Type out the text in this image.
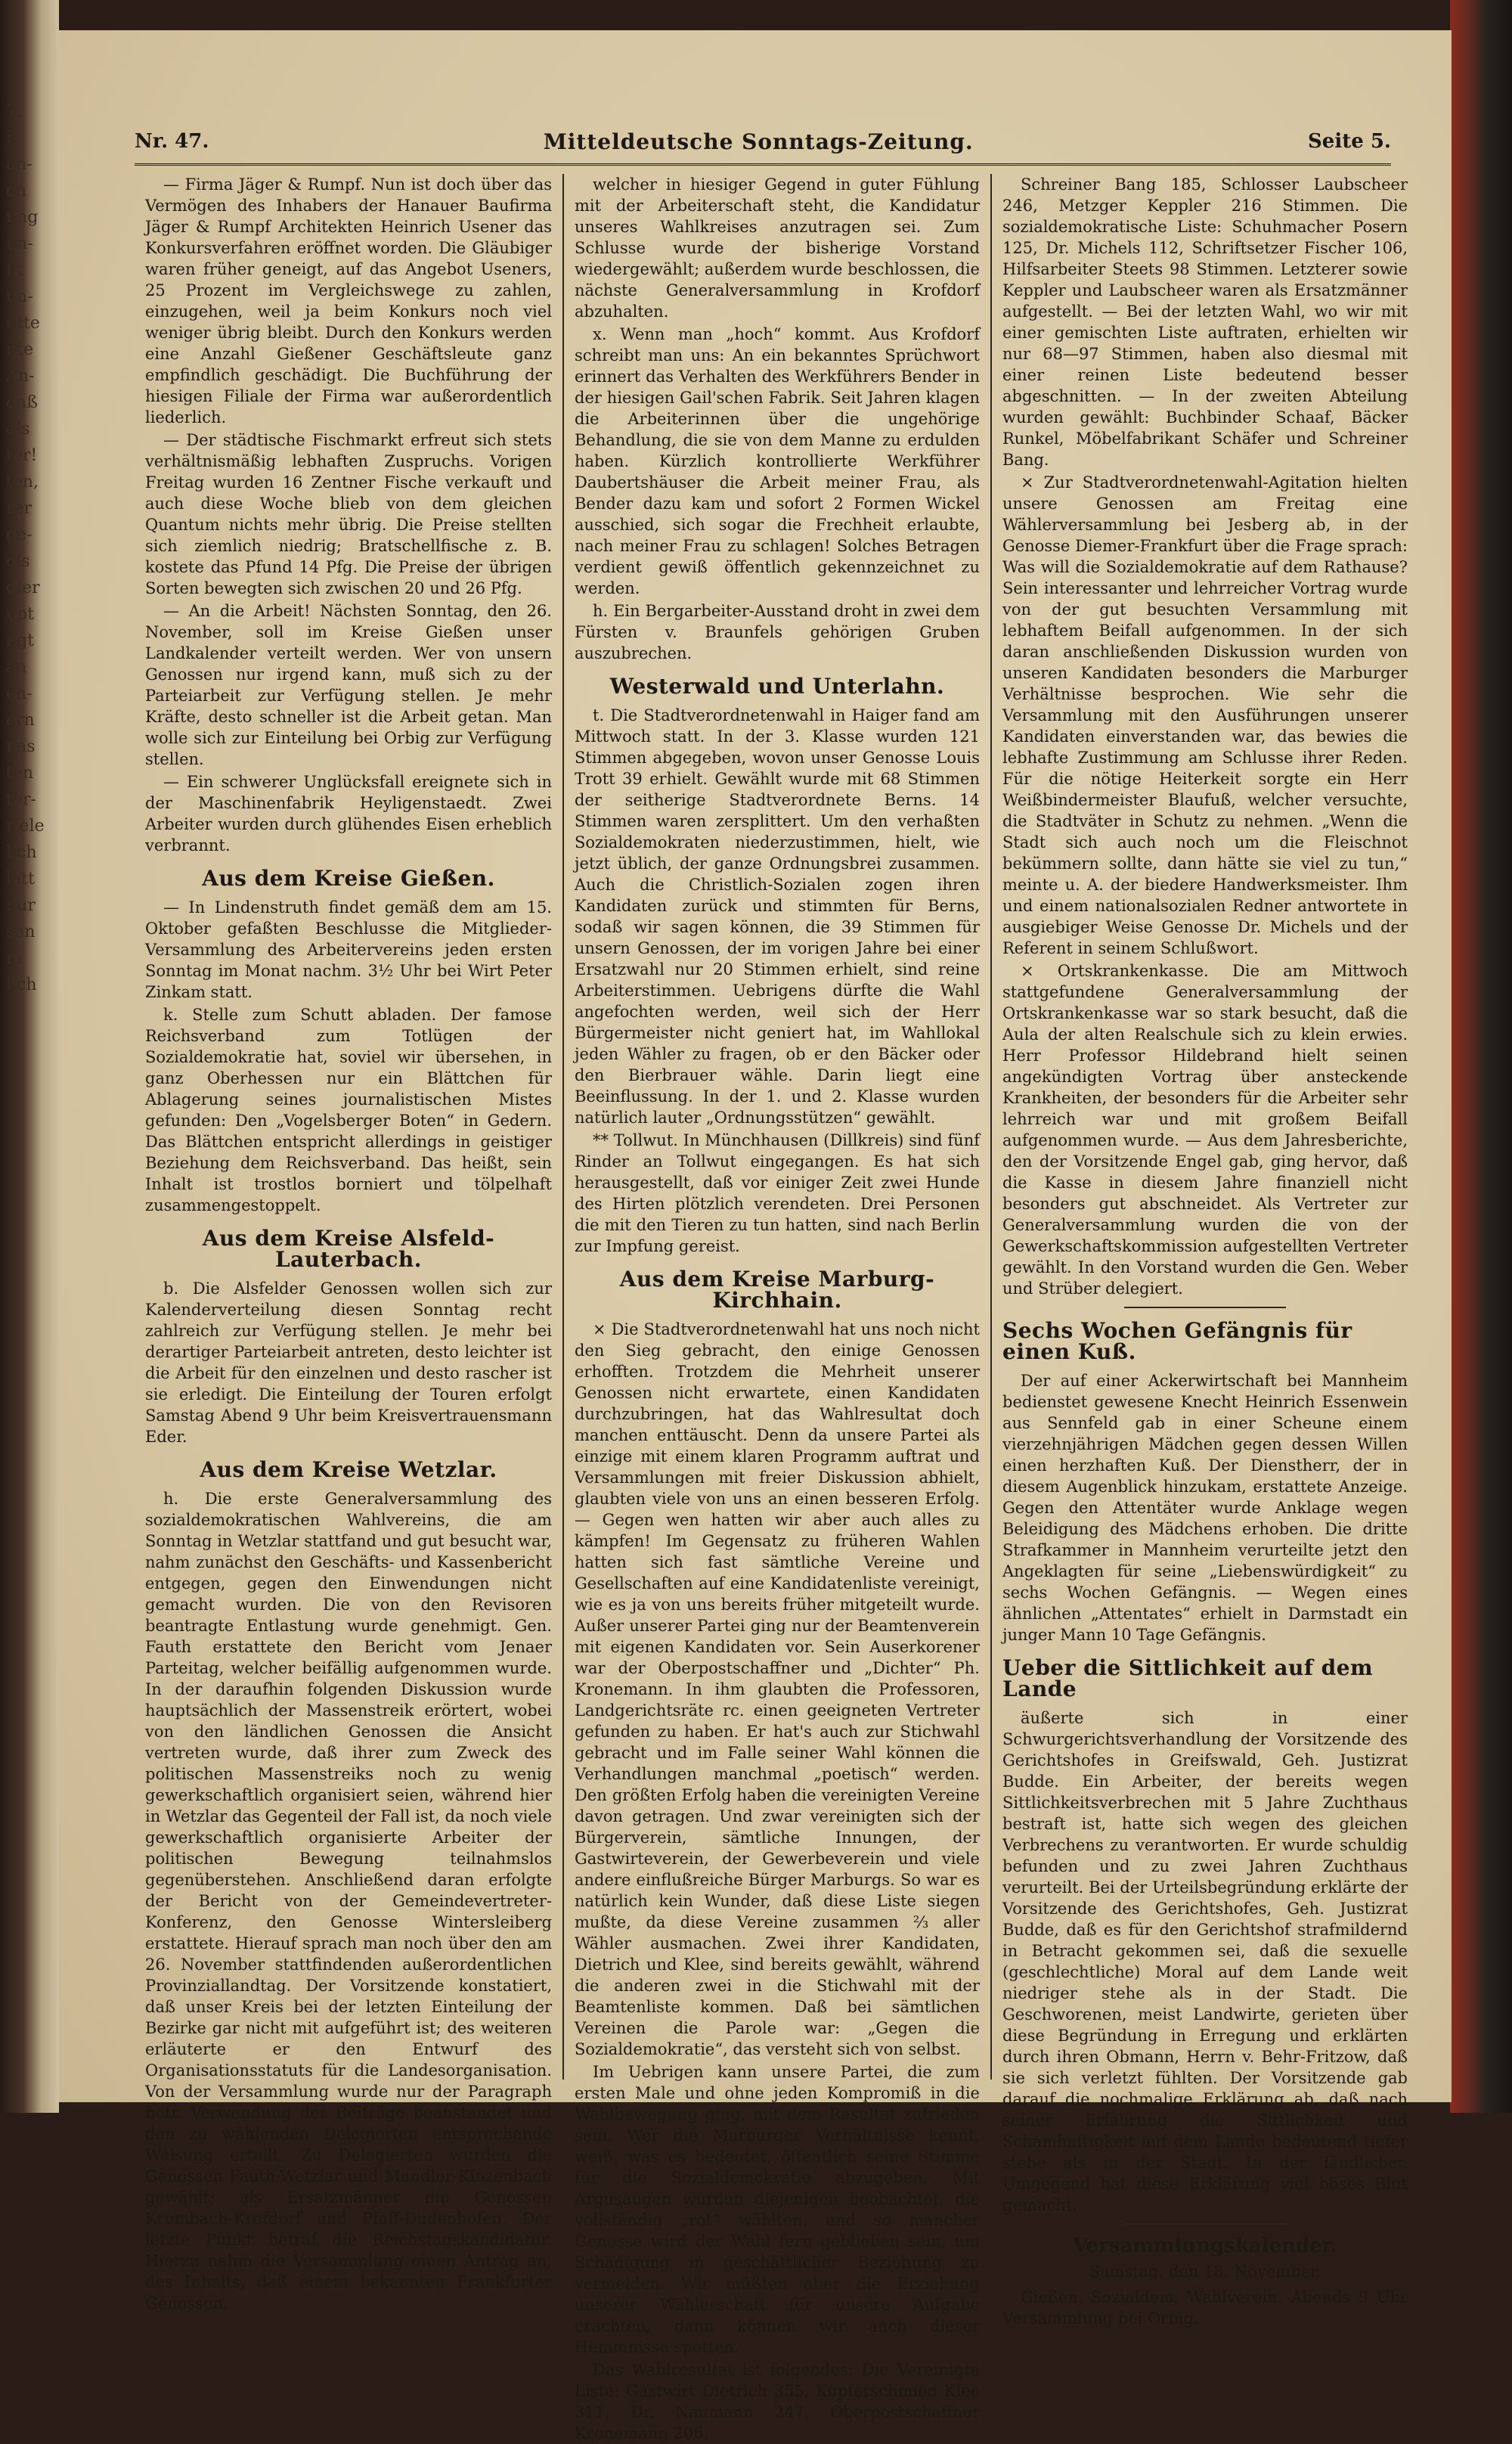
7.
it
an-
da
ung
un-
fit
un-
utte
nte
An-
daß
als
ter!
ten,
rer
ge-
ols
dler
upt
ngt
an
eh-
ern
nas
ten
ter-
riele
lich
latt
nur
sen
m
lich
Nr. 47.	Mitteldeutsche Sonntags-Zeitung.	Seite 5.

— Firma Jäger & Rumpf. Nun ist doch über das Vermögen des Inhabers der Hanauer Baufirma Jäger & Rumpf Architekten Heinrich Usener das Konkursverfahren eröffnet worden. Die Gläubiger waren früher geneigt, auf das Angebot Useners, 25 Prozent im Vergleichswege zu zahlen, einzugehen, weil ja beim Konkurs noch viel weniger übrig bleibt. Durch den Konkurs werden eine Anzahl Gießener Geschäftsleute ganz empfindlich geschädigt. Die Buchführung der hiesigen Filiale der Firma war außerordentlich liederlich.

— Der städtische Fischmarkt erfreut sich stets verhältnismäßig lebhaften Zuspruchs. Vorigen Freitag wurden 16 Zentner Fische verkauft und auch diese Woche blieb von dem gleichen Quantum nichts mehr übrig. Die Preise stellten sich ziemlich niedrig; Bratschellfische z. B. kostete das Pfund 14 Pfg. Die Preise der übrigen Sorten bewegten sich zwischen 20 und 26 Pfg.

— An die Arbeit! Nächsten Sonntag, den 26. November, soll im Kreise Gießen unser Landkalender verteilt werden. Wer von unsern Genossen nur irgend kann, muß sich zu der Parteiarbeit zur Verfügung stellen. Je mehr Kräfte, desto schneller ist die Arbeit getan. Man wolle sich zur Einteilung bei Orbig zur Verfügung stellen.

— Ein schwerer Unglücksfall ereignete sich in der Maschinenfabrik Heyligenstaedt. Zwei Arbeiter wurden durch glühendes Eisen erheblich verbrannt.

Aus dem Kreise Gießen.

— In Lindenstruth findet gemäß dem am 15. Oktober gefaßten Beschlusse die Mitglieder-Versammlung des Arbeitervereins jeden ersten Sonntag im Monat nachm. 3½ Uhr bei Wirt Peter Zinkam statt.

k. Stelle zum Schutt abladen. Der famose Reichsverband zum Totlügen der Sozialdemokratie hat, soviel wir übersehen, in ganz Oberhessen nur ein Blättchen für Ablagerung seines journalistischen Mistes gefunden: Den „Vogelsberger Boten“ in Gedern. Das Blättchen entspricht allerdings in geistiger Beziehung dem Reichsverband. Das heißt, sein Inhalt ist trostlos borniert und tölpelhaft zusammengestoppelt.

Aus dem Kreise Alsfeld-Lauterbach.

b. Die Alsfelder Genossen wollen sich zur Kalenderverteilung diesen Sonntag recht zahlreich zur Verfügung stellen. Je mehr bei derartiger Parteiarbeit antreten, desto leichter ist die Arbeit für den einzelnen und desto rascher ist sie erledigt. Die Einteilung der Touren erfolgt Samstag Abend 9 Uhr beim Kreisvertrauensmann Eder.

Aus dem Kreise Wetzlar.

h. Die erste Generalversammlung des sozialdemokratischen Wahlvereins, die am Sonntag in Wetzlar stattfand und gut besucht war, nahm zunächst den Geschäfts- und Kassenbericht entgegen, gegen den Einwendungen nicht gemacht wurden. Die von den Revisoren beantragte Entlastung wurde genehmigt. Gen. Fauth erstattete den Bericht vom Jenaer Parteitag, welcher beifällig aufgenommen wurde. In der daraufhin folgenden Diskussion wurde hauptsächlich der Massenstreik erörtert, wobei von den ländlichen Genossen die Ansicht vertreten wurde, daß ihrer zum Zweck des politischen Massenstreiks noch zu wenig gewerkschaftlich organisiert seien, während hier in Wetzlar das Gegenteil der Fall ist, da noch viele gewerkschaftlich organisierte Arbeiter der politischen Bewegung teilnahmslos gegenüberstehen. Anschließend daran erfolgte der Bericht von der Gemeindevertreter-Konferenz, den Genosse Wintersleiberg erstattete. Hierauf sprach man noch über den am 26. November stattfindenden außerordentlichen Provinziallandtag. Der Vorsitzende konstatiert, daß unser Kreis bei der letzten Einteilung der Bezirke gar nicht mit aufgeführt ist; des weiteren erläuterte er den Entwurf des Organisationsstatuts für die Landesorganisation. Von der Versammlung wurde nur der Paragraph betr. Verwendung der Beiträge beanstandet und den zu wählenden Delegierten entsprechende Weisung erteilt. Zu Delegierten wurden die Genossen Fauth-Wetzlar und Mandler-Kinzenbach gewählt; als Ersatzmänner die Genossen Krombach-Krofdorf und Pfaff-Dudenhofen. Der letzte Punkt betraf die Reichstagskandidatur. Hierzu nahm die Versammlung einen Antrag an, des Inhalts, daß einem bekannten Frankfurter Genossen,

welcher in hiesiger Gegend in guter Fühlung mit der Arbeiterschaft steht, die Kandidatur unseres Wahlkreises anzutragen sei. Zum Schlusse wurde der bisherige Vorstand wiedergewählt; außerdem wurde beschlossen, die nächste Generalversammlung in Krofdorf abzuhalten.

x. Wenn man „hoch“ kommt. Aus Krofdorf schreibt man uns: An ein bekanntes Sprüchwort erinnert das Verhalten des Werkführers Bender in der hiesigen Gail'schen Fabrik. Seit Jahren klagen die Arbeiterinnen über die ungehörige Behandlung, die sie von dem Manne zu erdulden haben. Kürzlich kontrollierte Werkführer Daubertshäuser die Arbeit meiner Frau, als Bender dazu kam und sofort 2 Formen Wickel ausschied, sich sogar die Frechheit erlaubte, nach meiner Frau zu schlagen! Solches Betragen verdient gewiß öffentlich gekennzeichnet zu werden.

h. Ein Bergarbeiter-Ausstand droht in zwei dem Fürsten v. Braunfels gehörigen Gruben auszubrechen.

Westerwald und Unterlahn.

t. Die Stadtverordnetenwahl in Haiger fand am Mittwoch statt. In der 3. Klasse wurden 121 Stimmen abgegeben, wovon unser Genosse Louis Trott 39 erhielt. Gewählt wurde mit 68 Stimmen der seitherige Stadtverordnete Berns. 14 Stimmen waren zersplittert. Um den verhaßten Sozialdemokraten niederzustimmen, hielt, wie jetzt üblich, der ganze Ordnungsbrei zusammen. Auch die Christlich-Sozialen zogen ihren Kandidaten zurück und stimmten für Berns, sodaß wir sagen können, die 39 Stimmen für unsern Genossen, der im vorigen Jahre bei einer Ersatzwahl nur 20 Stimmen erhielt, sind reine Arbeiterstimmen. Uebrigens dürfte die Wahl angefochten werden, weil sich der Herr Bürgermeister nicht geniert hat, im Wahllokal jeden Wähler zu fragen, ob er den Bäcker oder den Bierbrauer wähle. Darin liegt eine Beeinflussung. In der 1. und 2. Klasse wurden natürlich lauter „Ordnungsstützen“ gewählt.

** Tollwut. In Münchhausen (Dillkreis) sind fünf Rinder an Tollwut eingegangen. Es hat sich herausgestellt, daß vor einiger Zeit zwei Hunde des Hirten plötzlich verendeten. Drei Personen die mit den Tieren zu tun hatten, sind nach Berlin zur Impfung gereist.

Aus dem Kreise Marburg-Kirchhain.

× Die Stadtverordnetenwahl hat uns noch nicht den Sieg gebracht, den einige Genossen erhofften. Trotzdem die Mehrheit unserer Genossen nicht erwartete, einen Kandidaten durchzubringen, hat das Wahlresultat doch manchen enttäuscht. Denn da unsere Partei als einzige mit einem klaren Programm auftrat und Versammlungen mit freier Diskussion abhielt, glaubten viele von uns an einen besseren Erfolg. — Gegen wen hatten wir aber auch alles zu kämpfen! Im Gegensatz zu früheren Wahlen hatten sich fast sämtliche Vereine und Gesellschaften auf eine Kandidatenliste vereinigt, wie es ja von uns bereits früher mitgeteilt wurde. Außer unserer Partei ging nur der Beamtenverein mit eigenen Kandidaten vor. Sein Auserkorener war der Oberpostschaffner und „Dichter“ Ph. Kronemann. In ihm glaubten die Professoren, Landgerichtsräte rc. einen geeigneten Vertreter gefunden zu haben. Er hat's auch zur Stichwahl gebracht und im Falle seiner Wahl können die Verhandlungen manchmal „poetisch“ werden. Den größten Erfolg haben die vereinigten Vereine davon getragen. Und zwar vereinigten sich der Bürgerverein, sämtliche Innungen, der Gastwirteverein, der Gewerbeverein und viele andere einflußreiche Bürger Marburgs. So war es natürlich kein Wunder, daß diese Liste siegen mußte, da diese Vereine zusammen ⅔ aller Wähler ausmachen. Zwei ihrer Kandidaten, Dietrich und Klee, sind bereits gewählt, während die anderen zwei in die Stichwahl mit der Beamtenliste kommen. Daß bei sämtlichen Vereinen die Parole war: „Gegen die Sozialdemokratie“, das versteht sich von selbst.

Im Uebrigen kann unsere Partei, die zum ersten Male und ohne jeden Kompromiß in die Wahlbewegung ging, mit dem Resultat zufrieden sein. Wer die Marburger Verhältnisse kennt, weiß, was es bedeutet, öffentlich seine Stimme für die Sozialdemokratie abzugeben. Mit Argusaugen wurden diejenigen beobachtet, die vollständig „rot“ wählten, und so mancher Genosse wird der Wahl fern geblieben sein, um Schädigung in geschäftlicher Beziehung zu vermeiden. Wir müßten aber die Erziehung unserer Wählerschaft für unsere Aufgabe erachten, dann können wir auch dieser Hemmnisse spotten.

Das Wahlresultat ist folgendes: Die Vereinigte Liste: Gastwirt Dietrich 355, Kupferschmied Klee 311, Dr. Naumann 247, Oberpostschaffner Kronemann 206,

Schreiner Bang 185, Schlosser Laubscheer 246, Metzger Keppler 216 Stimmen. Die sozialdemokratische Liste: Schuhmacher Posern 125, Dr. Michels 112, Schriftsetzer Fischer 106, Hilfsarbeiter Steets 98 Stimmen. Letzterer sowie Keppler und Laubscheer waren als Ersatzmänner aufgestellt. — Bei der letzten Wahl, wo wir mit einer gemischten Liste auftraten, erhielten wir nur 68—97 Stimmen, haben also diesmal mit einer reinen Liste bedeutend besser abgeschnitten. — In der zweiten Abteilung wurden gewählt: Buchbinder Schaaf, Bäcker Runkel, Möbelfabrikant Schäfer und Schreiner Bang.

× Zur Stadtverordnetenwahl-Agitation hielten unsere Genossen am Freitag eine Wählerversammlung bei Jesberg ab, in der Genosse Diemer-Frankfurt über die Frage sprach: Was will die Sozialdemokratie auf dem Rathause? Sein interessanter und lehrreicher Vortrag wurde von der gut besuchten Versammlung mit lebhaftem Beifall aufgenommen. In der sich daran anschließenden Diskussion wurden von unseren Kandidaten besonders die Marburger Verhältnisse besprochen. Wie sehr die Versammlung mit den Ausführungen unserer Kandidaten einverstanden war, das bewies die lebhafte Zustimmung am Schlusse ihrer Reden. Für die nötige Heiterkeit sorgte ein Herr Weißbindermeister Blaufuß, welcher versuchte, die Stadtväter in Schutz zu nehmen. „Wenn die Stadt sich auch noch um die Fleischnot bekümmern sollte, dann hätte sie viel zu tun,“ meinte u. A. der biedere Handwerksmeister. Ihm und einem nationalsozialen Redner antwortete in ausgiebiger Weise Genosse Dr. Michels und der Referent in seinem Schlußwort.

× Ortskrankenkasse. Die am Mittwoch stattgefundene Generalversammlung der Ortskrankenkasse war so stark besucht, daß die Aula der alten Realschule sich zu klein erwies. Herr Professor Hildebrand hielt seinen angekündigten Vortrag über ansteckende Krankheiten, der besonders für die Arbeiter sehr lehrreich war und mit großem Beifall aufgenommen wurde. — Aus dem Jahresberichte, den der Vorsitzende Engel gab, ging hervor, daß die Kasse in diesem Jahre finanziell nicht besonders gut abschneidet. Als Vertreter zur Generalversammlung wurden die von der Gewerkschaftskommission aufgestellten Vertreter gewählt. In den Vorstand wurden die Gen. Weber und Strüber delegiert.

Sechs Wochen Gefängnis für einen Kuß.

Der auf einer Ackerwirtschaft bei Mannheim bedienstet gewesene Knecht Heinrich Essenwein aus Sennfeld gab in einer Scheune einem vierzehnjährigen Mädchen gegen dessen Willen einen herzhaften Kuß. Der Dienstherr, der in diesem Augenblick hinzukam, erstattete Anzeige. Gegen den Attentäter wurde Anklage wegen Beleidigung des Mädchens erhoben. Die dritte Strafkammer in Mannheim verurteilte jetzt den Angeklagten für seine „Liebenswürdigkeit“ zu sechs Wochen Gefängnis. — Wegen eines ähnlichen „Attentates“ erhielt in Darmstadt ein junger Mann 10 Tage Gefängnis.

Ueber die Sittlichkeit auf dem Lande

äußerte sich in einer Schwurgerichtsverhandlung der Vorsitzende des Gerichtshofes in Greifswald, Geh. Justizrat Budde. Ein Arbeiter, der bereits wegen Sittlichkeitsverbrechen mit 5 Jahre Zuchthaus bestraft ist, hatte sich wegen des gleichen Verbrechens zu verantworten. Er wurde schuldig befunden und zu zwei Jahren Zuchthaus verurteilt. Bei der Urteilsbegründung erklärte der Vorsitzende des Gerichtshofes, Geh. Justizrat Budde, daß es für den Gerichtshof strafmildernd in Betracht gekommen sei, daß die sexuelle (geschlechtliche) Moral auf dem Lande weit niedriger stehe als in der Stadt. Die Geschworenen, meist Landwirte, gerieten über diese Begründung in Erregung und erklärten durch ihren Obmann, Herrn v. Behr-Fritzow, daß sie sich verletzt fühlten. Der Vorsitzende gab darauf die nochmalige Erklärung ab, daß nach seiner Erfahrung die Sittlichkeit und Schamhaftigkeit auf dem Lande bedeutend tiefer stehe als in der Stadt. In der ländlichen Umgegend hat diese Erklärung viel böses Blut gemacht.

Versammlungskalender.
Samstag, den 18. November.

Gießen. Sozialdem. Wahlverein. Abends 9 Uhr Versammlung bei Orbig.
